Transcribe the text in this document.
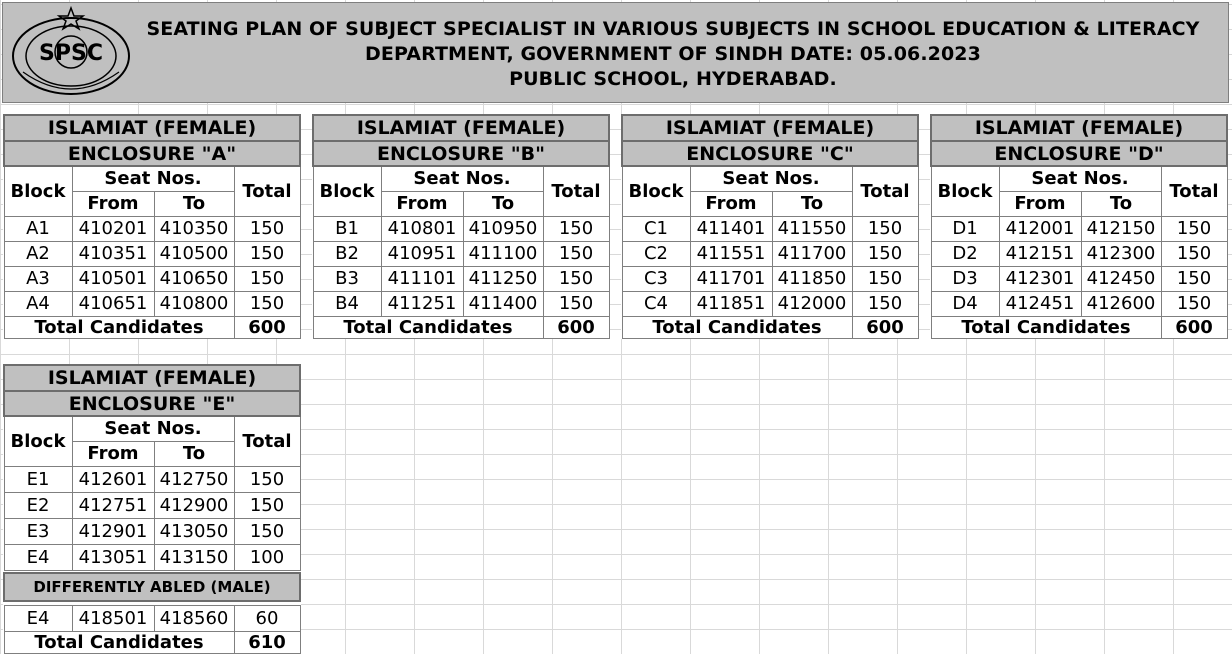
SPSC
SEATING PLAN OF SUBJECT SPECIALIST IN VARIOUS SUBJECTS IN SCHOOL EDUCATION & LITERACY
DEPARTMENT, GOVERNMENT OF SINDH DATE: 05.06.2023
PUBLIC SCHOOL, HYDERABAD.
ISLAMIAT (FEMALE)			
ENCLOSURE "A"			
Block	Seat Nos.		Total
	From	To	
A1	410201	410350	150
A2	410351	410500	150
A3	410501	410650	150
A4	410651	410800	150
Total Candidates			600
ISLAMIAT (FEMALE)			
ENCLOSURE "B"			
Block	Seat Nos.		Total
	From	To	
B1	410801	410950	150
B2	410951	411100	150
B3	411101	411250	150
B4	411251	411400	150
Total Candidates			600
ISLAMIAT (FEMALE)			
ENCLOSURE "C"			
Block	Seat Nos.		Total
	From	To	
C1	411401	411550	150
C2	411551	411700	150
C3	411701	411850	150
C4	411851	412000	150
Total Candidates			600
ISLAMIAT (FEMALE)			
ENCLOSURE "D"			
Block	Seat Nos.		Total
	From	To	
D1	412001	412150	150
D2	412151	412300	150
D3	412301	412450	150
D4	412451	412600	150
Total Candidates			600
ISLAMIAT (FEMALE)			
ENCLOSURE "E"			
Block	Seat Nos.		Total
	From	To	
E1	412601	412750	150
E2	412751	412900	150
E3	412901	413050	150
E4	413051	413150	100

DIFFERENTLY ABLED (MALE)			

E4	418501	418560	60
Total Candidates			610
